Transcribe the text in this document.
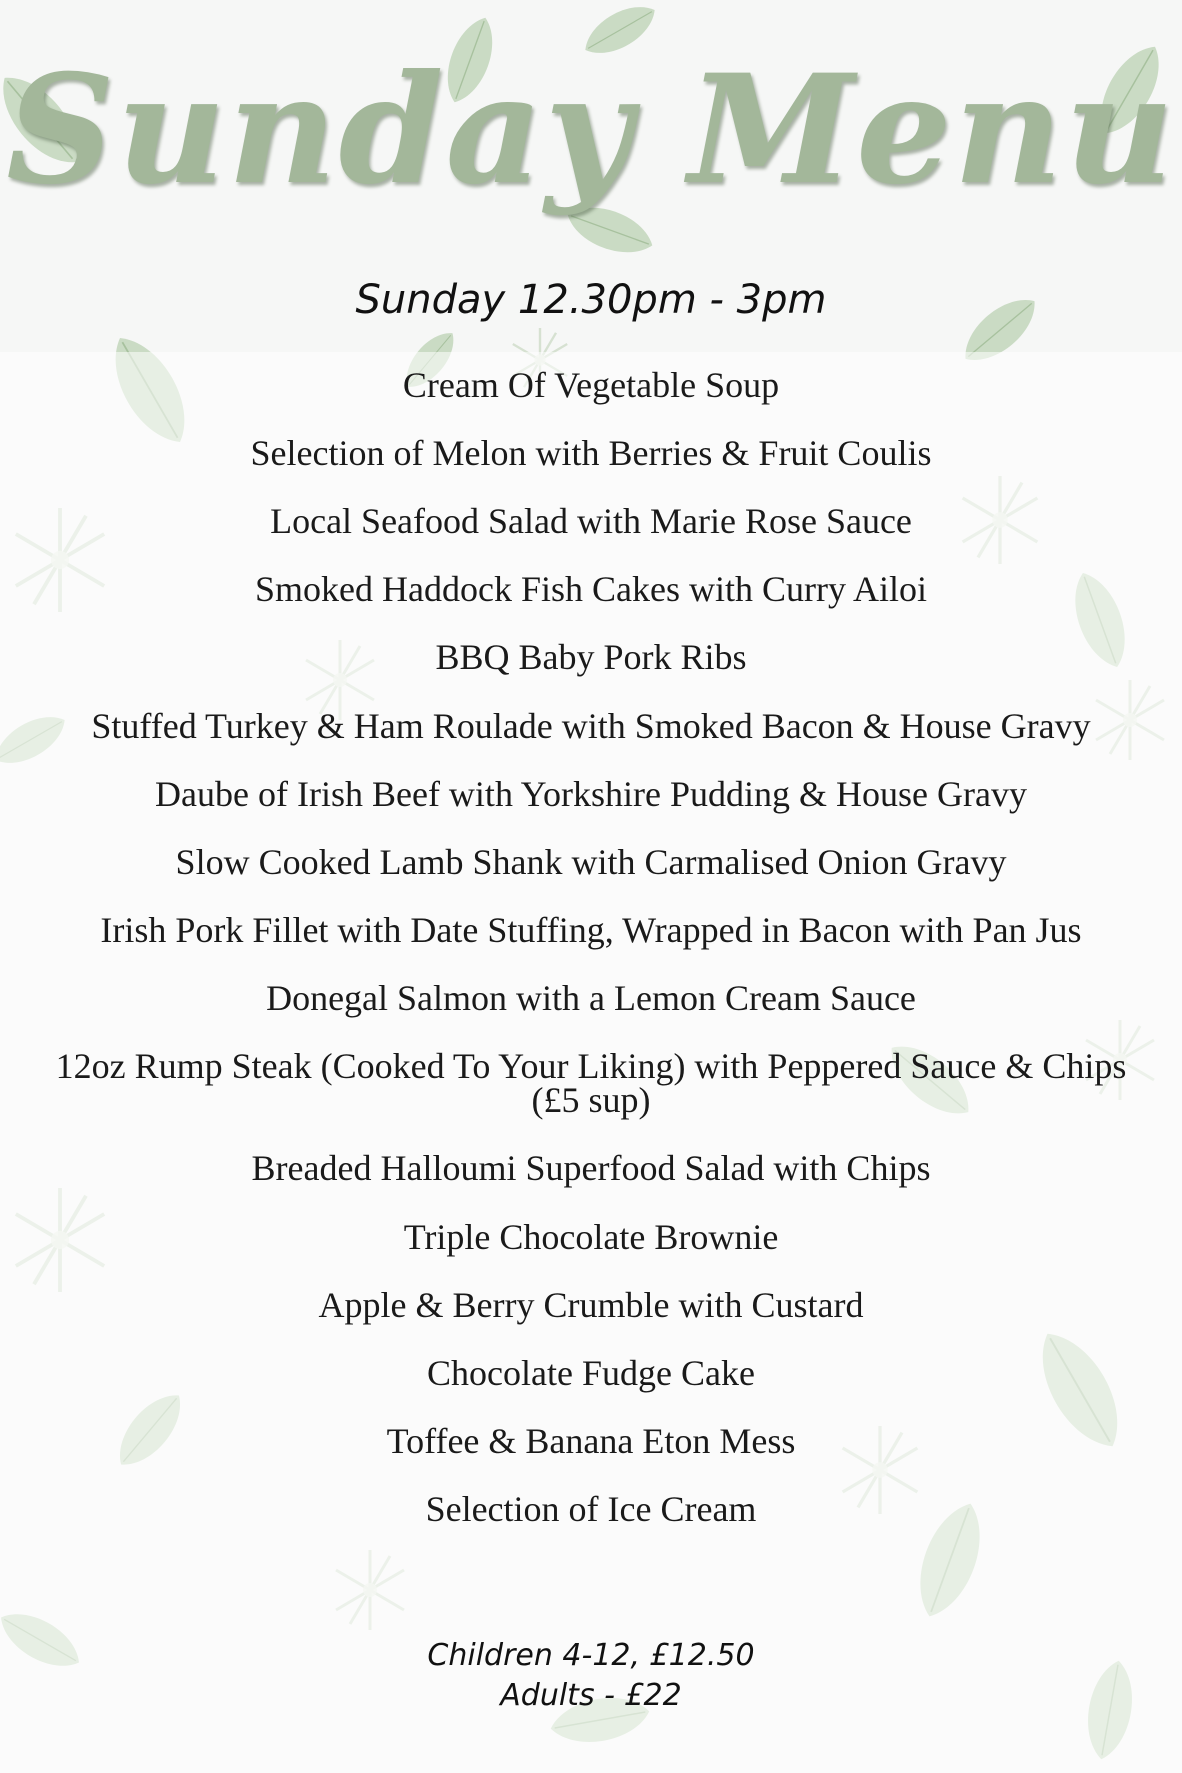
Sunday Menu
Sunday 12.30pm - 3pm
Cream Of Vegetable Soup
Selection of Melon with Berries & Fruit Coulis
Local Seafood Salad with Marie Rose Sauce
Smoked Haddock Fish Cakes with Curry Ailoi
BBQ Baby Pork Ribs
Stuffed Turkey & Ham Roulade with Smoked Bacon & House Gravy
Daube of Irish Beef with Yorkshire Pudding & House Gravy
Slow Cooked Lamb Shank with Carmalised Onion Gravy
Irish Pork Fillet with Date Stuffing, Wrapped in Bacon with Pan Jus
Donegal Salmon with a Lemon Cream Sauce
12oz Rump Steak (Cooked To Your Liking) with Peppered Sauce & Chips (£5 sup)
Breaded Halloumi Superfood Salad with Chips
Triple Chocolate Brownie
Apple & Berry Crumble with Custard
Chocolate Fudge Cake
Toffee & Banana Eton Mess
Selection of Ice Cream
Children 4-12, £12.50
Adults - £22
